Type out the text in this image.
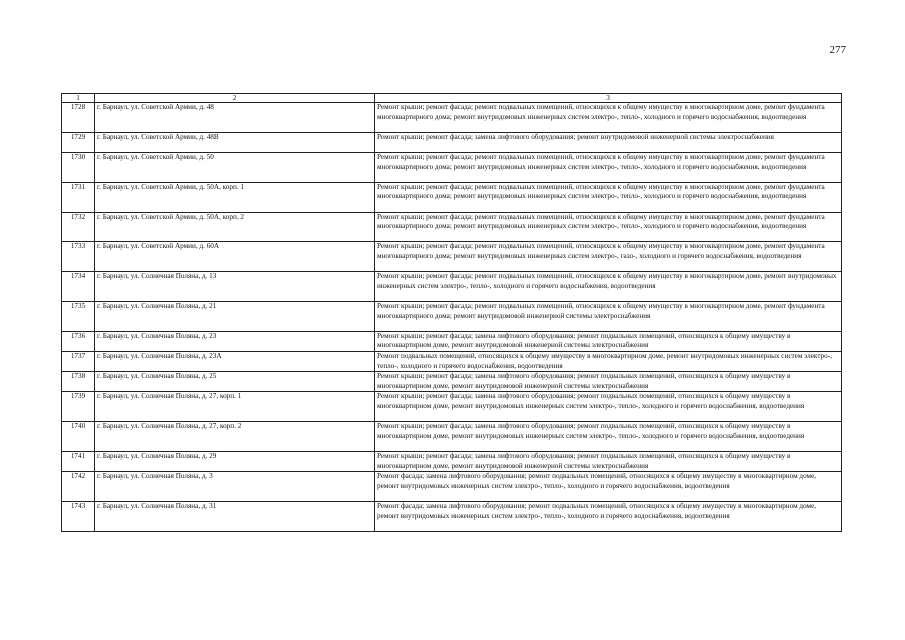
277
1	2	3
1728	г. Барнаул, ул. Советской Армии, д. 48	Ремонт крыши; ремонт фасада; ремонт подвальных помещений, относящихся к общему имуществу в многоквартирном доме, ремонт фундамента многоквартирного дома; ремонт внутридомовых инженерных систем электро-, тепло-, холодного и горячего водоснабжения, водоотведения
1729	г. Барнаул, ул. Советской Армии, д. 48В	Ремонт крыши; ремонт фасада; замена лифтового оборудования; ремонт внутридомовой инженерной системы электроснабжения
1730	г. Барнаул, ул. Советской Армии, д. 50	Ремонт крыши; ремонт фасада; ремонт подвальных помещений, относящихся к общему имуществу в многоквартирном доме, ремонт фундамента многоквартирного дома; ремонт внутридомовых инженерных систем электро-, тепло-, холодного и горячего водоснабжения, водоотведения
1731	г. Барнаул, ул. Советской Армии, д. 50А, корп. 1	Ремонт крыши; ремонт фасада; ремонт подвальных помещений, относящихся к общему имуществу в многоквартирном доме, ремонт фундамента многоквартирного дома; ремонт внутридомовых инженерных систем электро-, тепло-, холодного и горячего водоснабжения, водоотведения
1732	г. Барнаул, ул. Советской Армии, д. 50А, корп. 2	Ремонт крыши; ремонт фасада; ремонт подвальных помещений, относящихся к общему имуществу в многоквартирном доме, ремонт фундамента многоквартирного дома; ремонт внутридомовых инженерных систем электро-, тепло-, холодного и горячего водоснабжения, водоотведения
1733	г. Барнаул, ул. Советской Армии, д. 60А	Ремонт крыши; ремонт фасада; ремонт подвальных помещений, относящихся к общему имуществу в многоквартирном доме, ремонт фундамента многоквартирного дома; ремонт внутридомовых инженерных систем электро-, газо-, холодного и горячего водоснабжения, водоотведения
1734	г. Барнаул, ул. Солнечная Поляна, д. 13	Ремонт крыши; ремонт фасада; ремонт подвальных помещений, относящихся к общему имуществу в многоквартирном доме, ремонт внутридомовых инженерных систем электро-, тепло-, холодного и горячего водоснабжения, водоотведения
1735	г. Барнаул, ул. Солнечная Поляна, д. 21	Ремонт крыши; ремонт фасада; ремонт подвальных помещений, относящихся к общему имуществу в многоквартирном доме, ремонт фундамента многоквартирного дома; ремонт внутридомовой инженерной системы электроснабжения
1736	г. Барнаул, ул. Солнечная Поляна, д. 23	Ремонт крыши; ремонт фасада; замена лифтового оборудования; ремонт подвальных помещений, относящихся к общему имуществу в многоквартирном доме, ремонт внутридомовой инженерной системы электроснабжения
1737	г. Барнаул, ул. Солнечная Поляна, д. 23А	Ремонт подвальных помещений, относящихся к общему имуществу в многоквартирном доме, ремонт внутридомовых инженерных систем электро-, тепло-, холодного и горячего водоснабжения, водоотведения
1738	г. Барнаул, ул. Солнечная Поляна, д. 25	Ремонт крыши; ремонт фасада; замена лифтового оборудования; ремонт подвальных помещений, относящихся к общему имуществу в многоквартирном доме, ремонт внутридомовой инженерной системы электроснабжения
1739	г. Барнаул, ул. Солнечная Поляна, д. 27, корп. 1	Ремонт крыши; ремонт фасада; замена лифтового оборудования; ремонт подвальных помещений, относящихся к общему имуществу в многоквартирном доме, ремонт внутридомовых инженерных систем электро-, тепло-, холодного и горячего водоснабжения, водоотведения
1740	г. Барнаул, ул. Солнечная Поляна, д. 27, корп. 2	Ремонт крыши; ремонт фасада; замена лифтового оборудования; ремонт подвальных помещений, относящихся к общему имуществу в многоквартирном доме, ремонт внутридомовых инженерных систем электро-, тепло-, холодного и горячего водоснабжения, водоотведения
1741	г. Барнаул, ул. Солнечная Поляна, д. 29	Ремонт крыши; ремонт фасада; замена лифтового оборудования; ремонт подвальных помещений, относящихся к общему имуществу в многоквартирном доме, ремонт внутридомовой инженерной системы электроснабжения
1742	г. Барнаул, ул. Солнечная Поляна, д. 3	Ремонт фасада; замена лифтового оборудования; ремонт подвальных помещений, относящихся к общему имуществу в многоквартирном доме, ремонт внутридомовых инженерных систем электро-, тепло-, холодного и горячего водоснабжения, водоотведения
1743	г. Барнаул, ул. Солнечная Поляна, д. 31	Ремонт фасада; замена лифтового оборудования; ремонт подвальных помещений, относящихся к общему имуществу в многоквартирном доме, ремонт внутридомовых инженерных систем электро-, тепло-, холодного и горячего водоснабжения, водоотведения
